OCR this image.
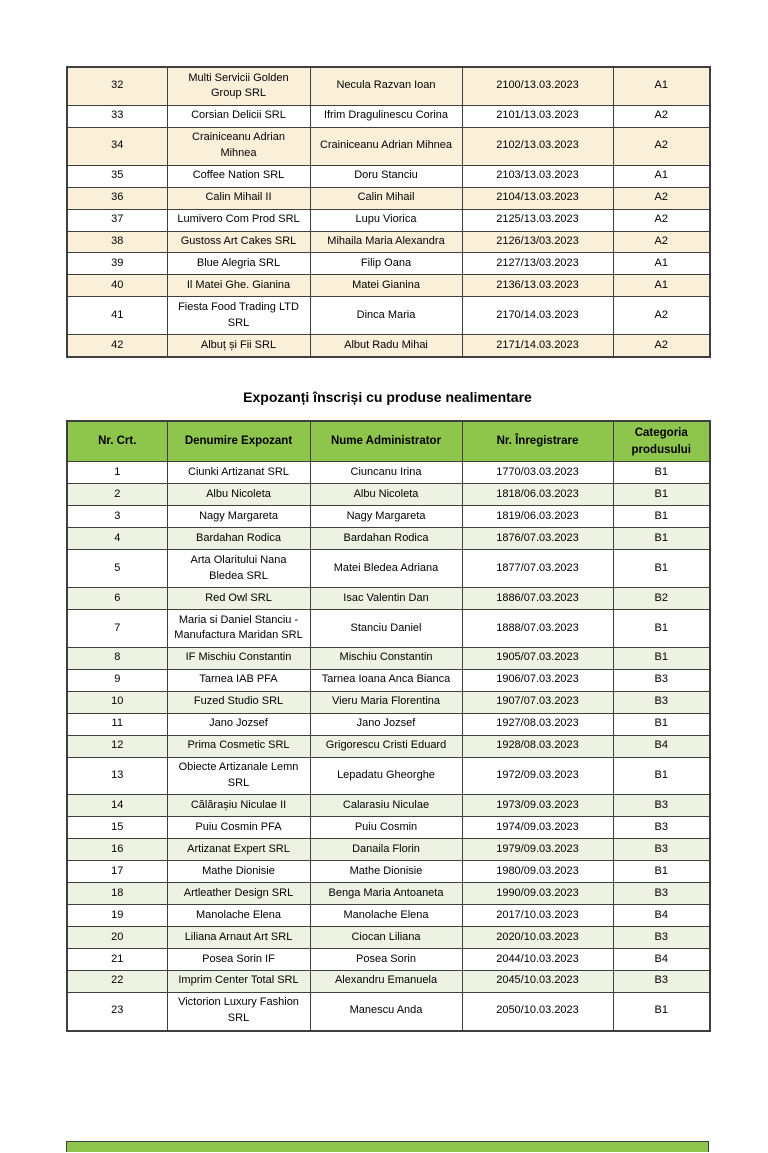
32	Multi Servicii Golden Group SRL	Necula Razvan Ioan	2100/13.03.2023	A1
33	Corsian Delicii SRL	Ifrim Dragulinescu Corina	2101/13.03.2023	A2
34	Crainiceanu Adrian Mihnea	Crainiceanu Adrian Mihnea	2102/13.03.2023	A2
35	Coffee Nation SRL	Doru Stanciu	2103/13.03.2023	A1
36	Calin Mihail II	Calin Mihail	2104/13.03.2023	A2
37	Lumivero Com Prod SRL	Lupu Viorica	2125/13.03.2023	A2
38	Gustoss Art Cakes SRL	Mihaila Maria Alexandra	2126/13/03.2023	A2
39	Blue Alegria SRL	Filip Oana	2127/13/03.2023	A1
40	Il Matei Ghe. Gianina	Matei Gianina	2136/13.03.2023	A1
41	Fiesta Food Trading LTD SRL	Dinca Maria	2170/14.03.2023	A2
42	Albuț și Fii SRL	Albut Radu Mihai	2171/14.03.2023	A2
Expozanți înscriși cu produse nealimentare
Nr. Crt.	Denumire Expozant	Nume Administrator	Nr. Înregistrare	Categoria produsului
1	Ciunki Artizanat SRL	Ciuncanu Irina	1770/03.03.2023	B1
2	Albu Nicoleta	Albu Nicoleta	1818/06.03.2023	B1
3	Nagy Margareta	Nagy Margareta	1819/06.03.2023	B1
4	Bardahan Rodica	Bardahan Rodica	1876/07.03.2023	B1
5	Arta Olaritului Nana Bledea SRL	Matei Bledea Adriana	1877/07.03.2023	B1
6	Red Owl SRL	Isac Valentin Dan	1886/07.03.2023	B2
7	Maria si Daniel Stanciu - Manufactura Maridan SRL	Stanciu Daniel	1888/07.03.2023	B1
8	IF Mischiu Constantin	Mischiu Constantin	1905/07.03.2023	B1
9	Tarnea IAB PFA	Tarnea Ioana Anca Bianca	1906/07.03.2023	B3
10	Fuzed Studio SRL	Vieru Maria Florentina	1907/07.03.2023	B3
11	Jano Jozsef	Jano Jozsef	1927/08.03.2023	B1
12	Prima Cosmetic SRL	Grigorescu Cristi Eduard	1928/08.03.2023	B4
13	Obiecte Artizanale Lemn SRL	Lepadatu Gheorghe	1972/09.03.2023	B1
14	Călărașiu Niculae II	Calarasiu Niculae	1973/09.03.2023	B3
15	Puiu Cosmin PFA	Puiu Cosmin	1974/09.03.2023	B3
16	Artizanat Expert SRL	Danaila Florin	1979/09.03.2023	B3
17	Mathe Dionisie	Mathe Dionisie	1980/09.03.2023	B1
18	Artleather Design SRL	Benga Maria Antoaneta	1990/09.03.2023	B3
19	Manolache Elena	Manolache Elena	2017/10.03.2023	B4
20	Liliana Arnaut Art SRL	Ciocan Liliana	2020/10.03.2023	B3
21	Posea Sorin IF	Posea Sorin	2044/10.03.2023	B4
22	Imprim Center Total SRL	Alexandru Emanuela	2045/10.03.2023	B3
23	Victorion Luxury Fashion SRL	Manescu Anda	2050/10.03.2023	B1
